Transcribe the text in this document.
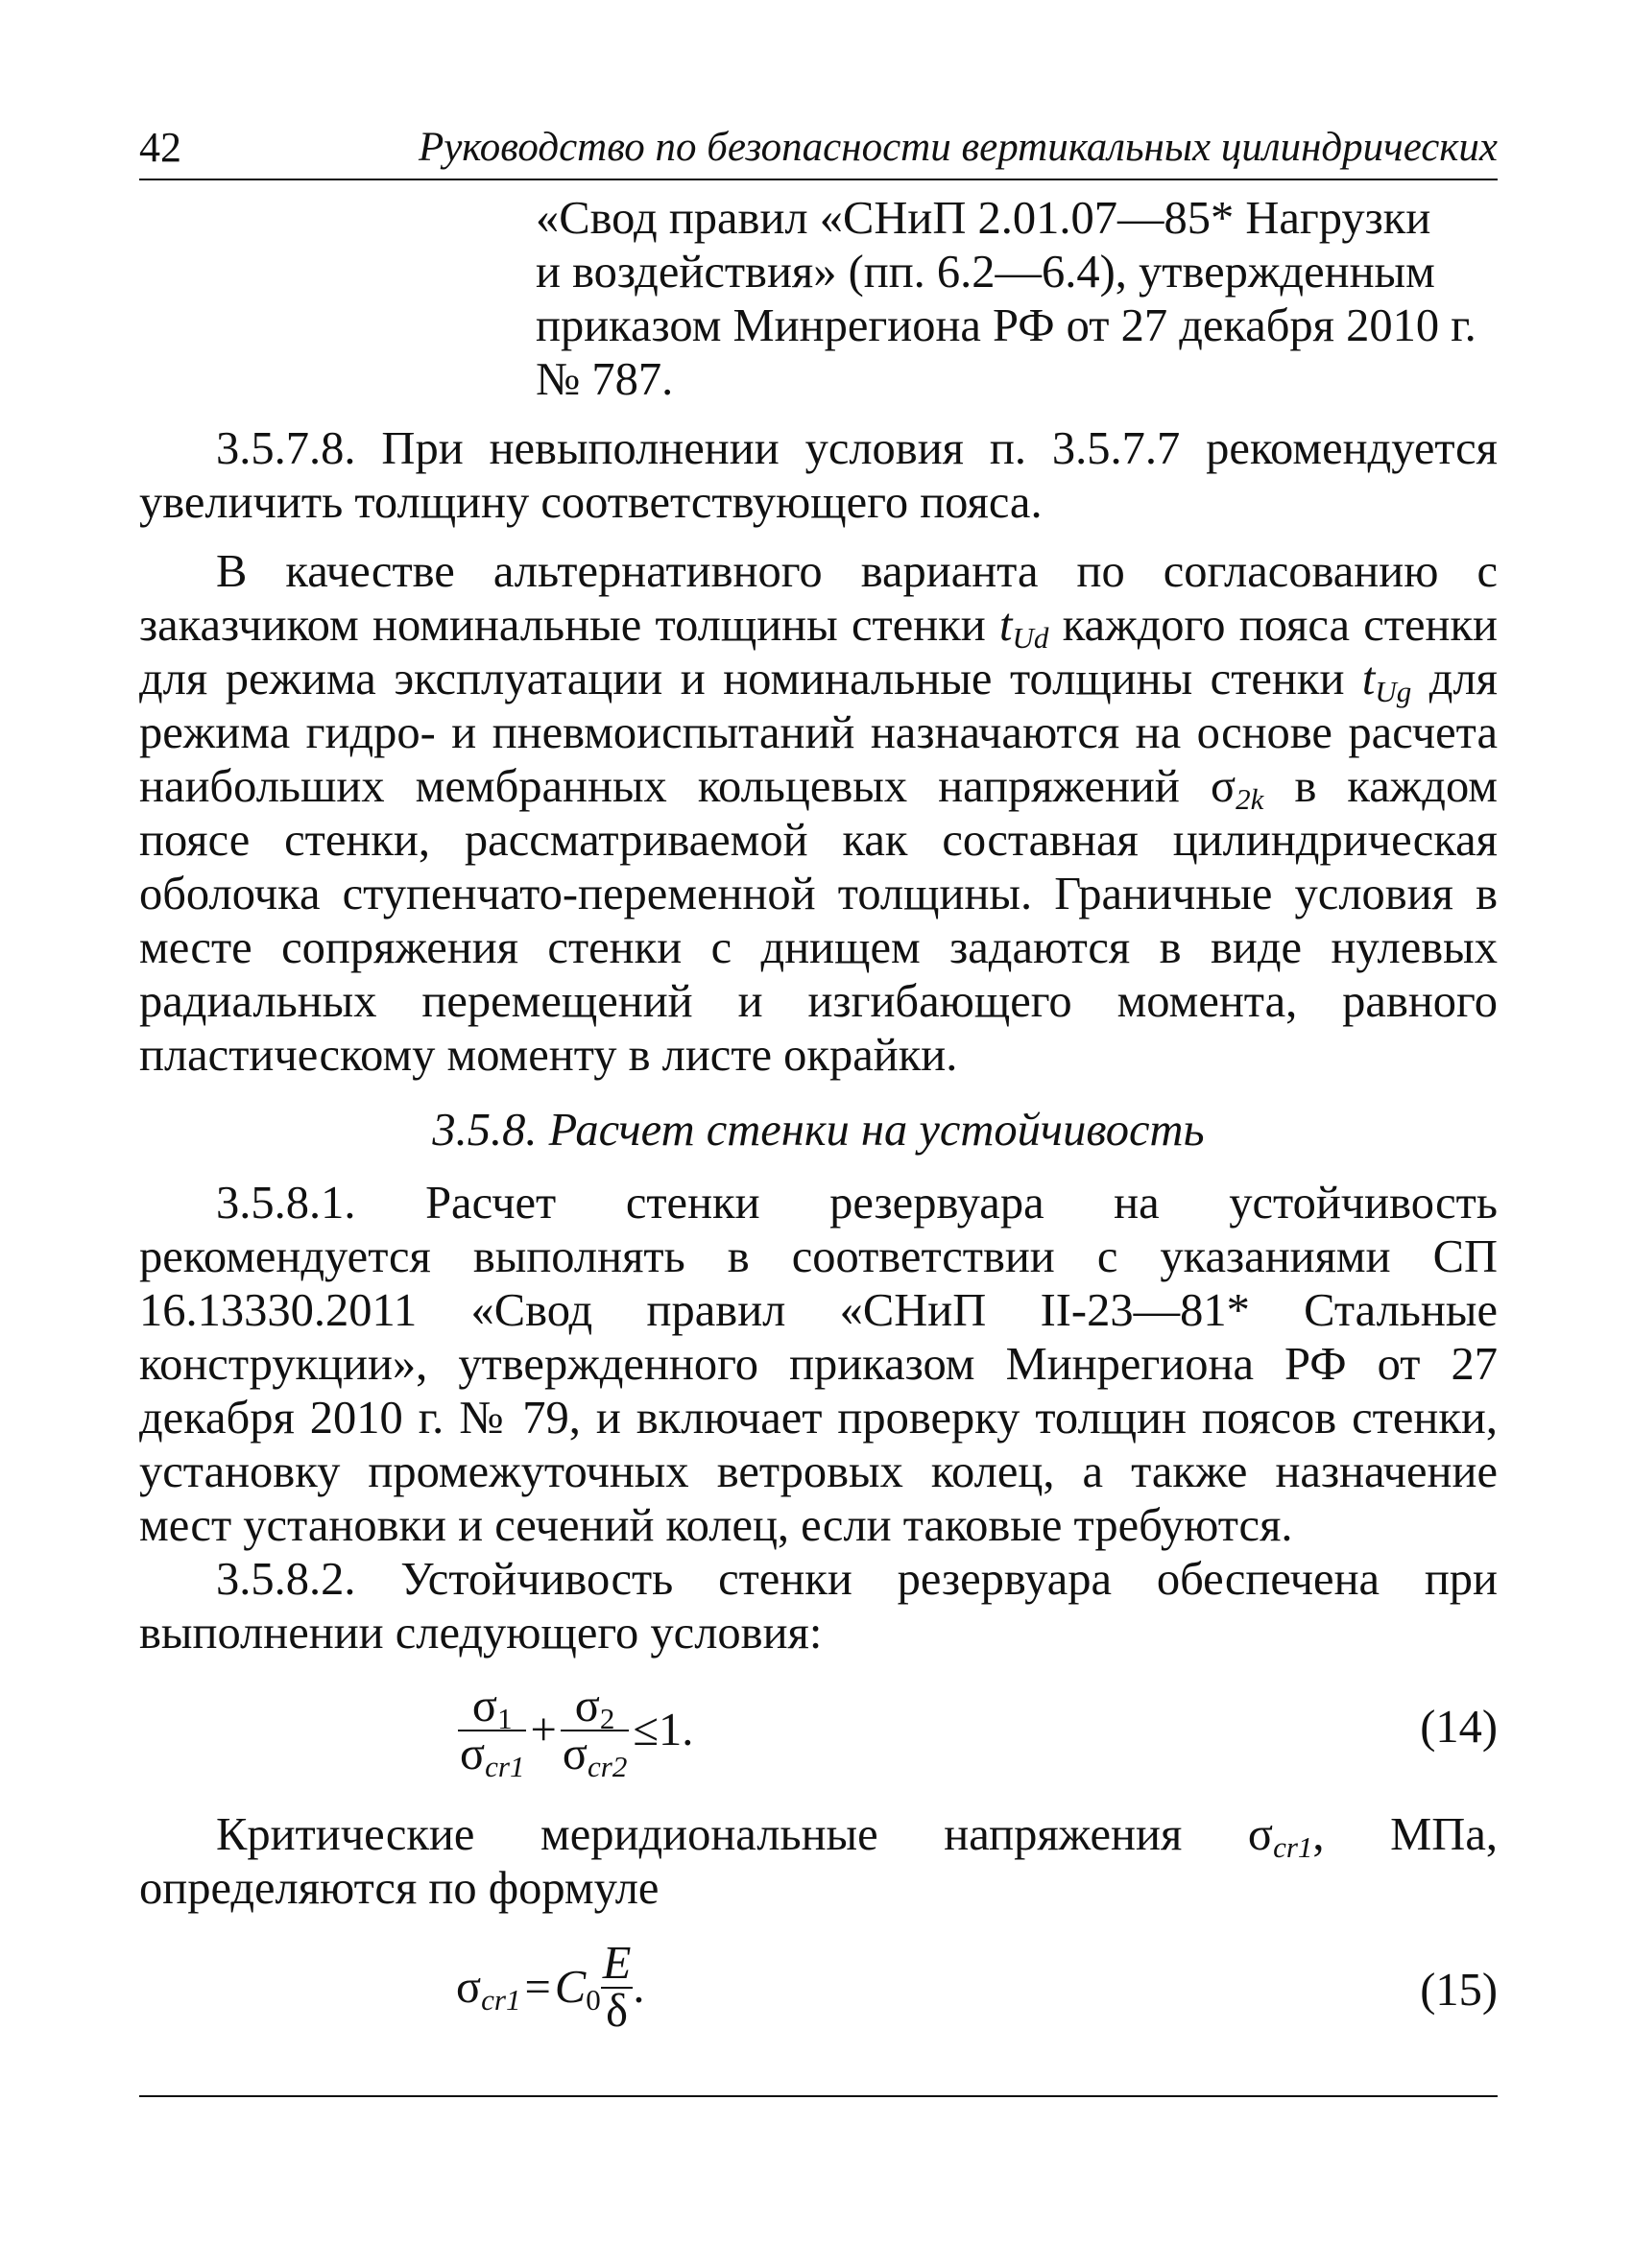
42	Руководство по безопасности вертикальных цилиндрических
«Свод правил «СНиП 2.01.07—85* Нагрузки
и воздействия» (пп. 6.2—6.4), утвержденным
приказом Минрегиона РФ от 27 декабря 2010 г.
№ 787.

3.5.7.8. При невыполнении условия п. 3.5.7.7 рекомендуется увеличить толщину соответствующего пояса.

В качестве альтернативного варианта по согласованию с заказчиком номинальные толщины стенки $t_{Ud}$ каждого пояса стенки для режима эксплуатации и номинальные толщины стенки $t_{Ug}$ для режима гидро- и пневмоиспытаний назначаются на основе расчета наибольших мембранных кольцевых напряжений $\sigma_{2k}$ в каждом поясе стенки, рассматриваемой как составная цилиндрическая оболочка ступенчато-переменной толщины. Граничные условия в месте сопряжения стенки с днищем задаются в виде нулевых радиальных перемещений и изгибающего момента, равного пластическому моменту в листе окрайки.

3.5.8. Расчет стенки на устойчивость

3.5.8.1. Расчет стенки резервуара на устойчивость рекомендуется выполнять в соответствии с указаниями СП 16.13330.2011 «Свод правил «СНиП II-23—81* Стальные конструкции», утвержденного приказом Минрегиона РФ от 27 декабря 2010 г. № 79, и включает проверку толщин поясов стенки, установку промежуточных ветровых колец, а также назначение мест установки и сечений колец, если таковые требуются.

3.5.8.2. Устойчивость стенки резервуара обеспечена при выполнении следующего условия:

$\frac{\sigma_1}{\sigma_{cr1}} + \frac{\sigma_2}{\sigma_{cr2}} \le 1$.	(14)

Критические меридиональные напряжения $\sigma_{cr1}$, МПа, определяются по формуле

$\sigma_{cr1}=C_0 \frac{E}{\delta}$ .	(15)
